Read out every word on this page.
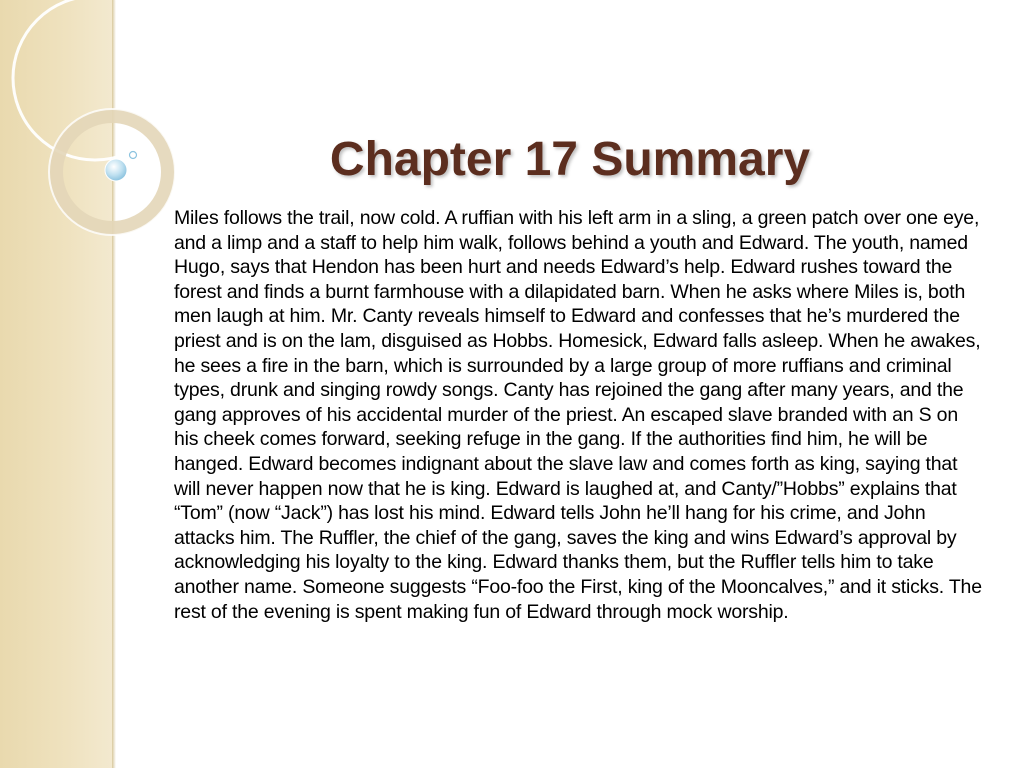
Chapter 17 Summary

Miles follows the trail, now cold. A ruffian with his left arm in a sling, a green patch over one eye, and a limp and a staff to help him walk, follows behind a youth and Edward. The youth, named Hugo, says that Hendon has been hurt and needs Edward’s help. Edward rushes toward the forest and finds a burnt farmhouse with a dilapidated barn. When he asks where Miles is, both men laugh at him. Mr. Canty reveals himself to Edward and confesses that he’s murdered the priest and is on the lam, disguised as Hobbs. Homesick, Edward falls asleep. When he awakes, he sees a fire in the barn, which is surrounded by a large group of more ruffians and criminal types, drunk and singing rowdy songs. Canty has rejoined the gang after many years, and the gang approves of his accidental murder of the priest. An escaped slave branded with an S on his cheek comes forward, seeking refuge in the gang. If the authorities find him, he will be hanged. Edward becomes indignant about the slave law and comes forth as king, saying that will never happen now that he is king. Edward is laughed at, and Canty/”Hobbs” explains that “Tom” (now “Jack”) has lost his mind. Edward tells John he’ll hang for his crime, and John attacks him. The Ruffler, the chief of the gang, saves the king and wins Edward’s approval by acknowledging his loyalty to the king. Edward thanks them, but the Ruffler tells him to take another name. Someone suggests “Foo-foo the First, king of the Mooncalves,” and it sticks. The rest of the evening is spent making fun of Edward through mock worship.
